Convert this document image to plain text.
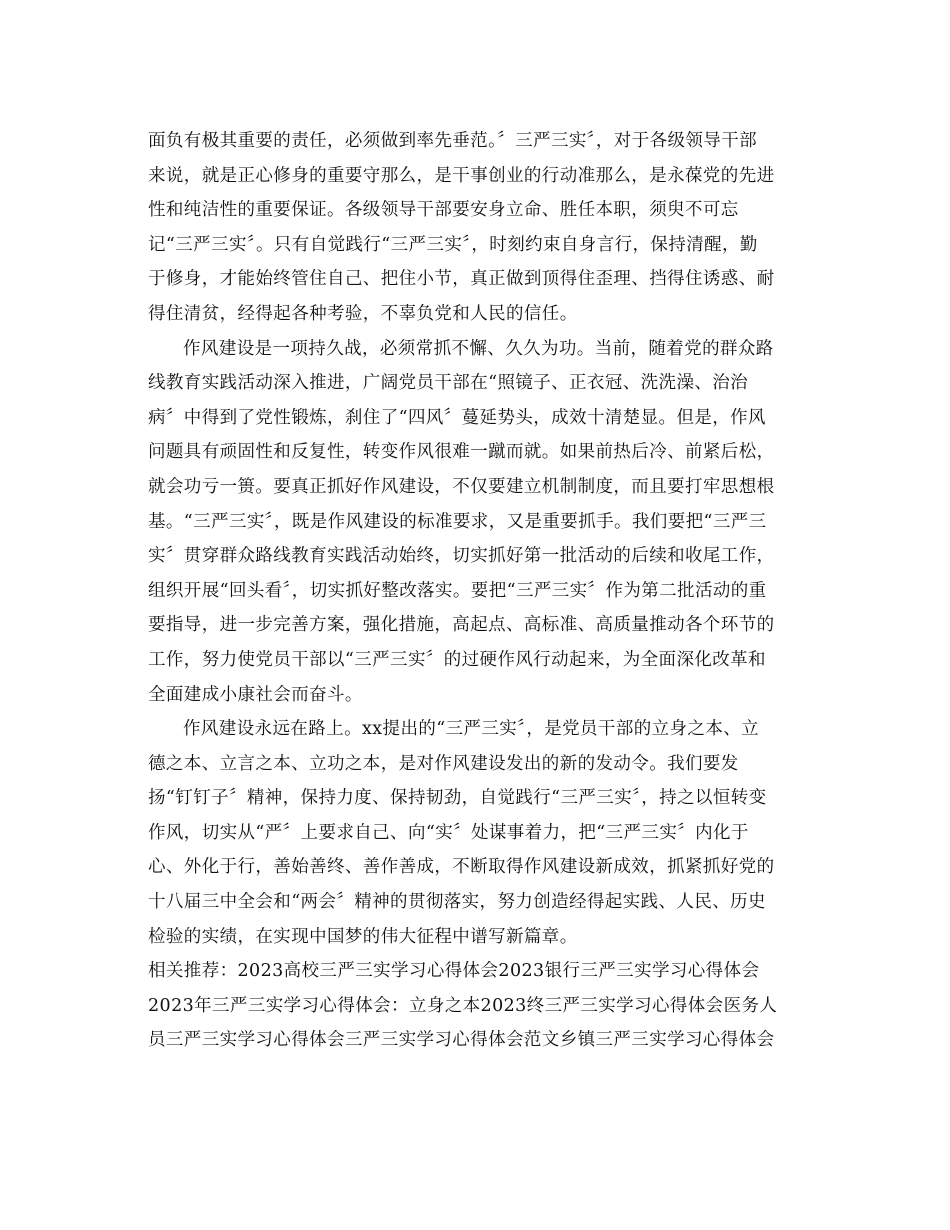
面负有极其重要的责任，必须做到率先垂范。〞三严三实〞，对于各级领导干部
来说，就是正心修身的重要守那么，是干事创业的行动准那么，是永葆党的先进
性和纯洁性的重要保证。各级领导干部要安身立命、胜任本职，须臾不可忘
记“三严三实〞。只有自觉践行“三严三实〞，时刻约束自身言行，保持清醒，勤
于修身，才能始终管住自己、把住小节，真正做到顶得住歪理、挡得住诱惑、耐
得住清贫，经得起各种考验，不辜负党和人民的信任。
作风建设是一项持久战，必须常抓不懈、久久为功。当前，随着党的群众路
线教育实践活动深入推进，广阔党员干部在“照镜子、正衣冠、洗洗澡、治治
病〞中得到了党性锻炼，刹住了“四风〞蔓延势头，成效十清楚显。但是，作风
问题具有顽固性和反复性，转变作风很难一蹴而就。如果前热后冷、前紧后松，
就会功亏一篑。要真正抓好作风建设，不仅要建立机制制度，而且要打牢思想根
基。“三严三实〞，既是作风建设的标准要求，又是重要抓手。我们要把“三严三
实〞贯穿群众路线教育实践活动始终，切实抓好第一批活动的后续和收尾工作，
组织开展“回头看〞，切实抓好整改落实。要把“三严三实〞作为第二批活动的重
要指导，进一步完善方案，强化措施，高起点、高标准、高质量推动各个环节的
工作，努力使党员干部以“三严三实〞的过硬作风行动起来，为全面深化改革和
全面建成小康社会而奋斗。
作风建设永远在路上。xx提出的“三严三实〞，是党员干部的立身之本、立
德之本、立言之本、立功之本，是对作风建设发出的新的发动令。我们要发
扬“钉钉子〞精神，保持力度、保持韧劲，自觉践行“三严三实〞，持之以恒转变
作风，切实从“严〞上要求自己、向“实〞处谋事着力，把“三严三实〞内化于
心、外化于行，善始善终、善作善成，不断取得作风建设新成效，抓紧抓好党的
十八届三中全会和“两会〞精神的贯彻落实，努力创造经得起实践、人民、历史
检验的实绩，在实现中国梦的伟大征程中谱写新篇章。
相关推荐：2023高校三严三实学习心得体会2023银行三严三实学习心得体会
2023年三严三实学习心得体会：立身之本2023终三严三实学习心得体会医务人
员三严三实学习心得体会三严三实学习心得体会范文乡镇三严三实学习心得体会
